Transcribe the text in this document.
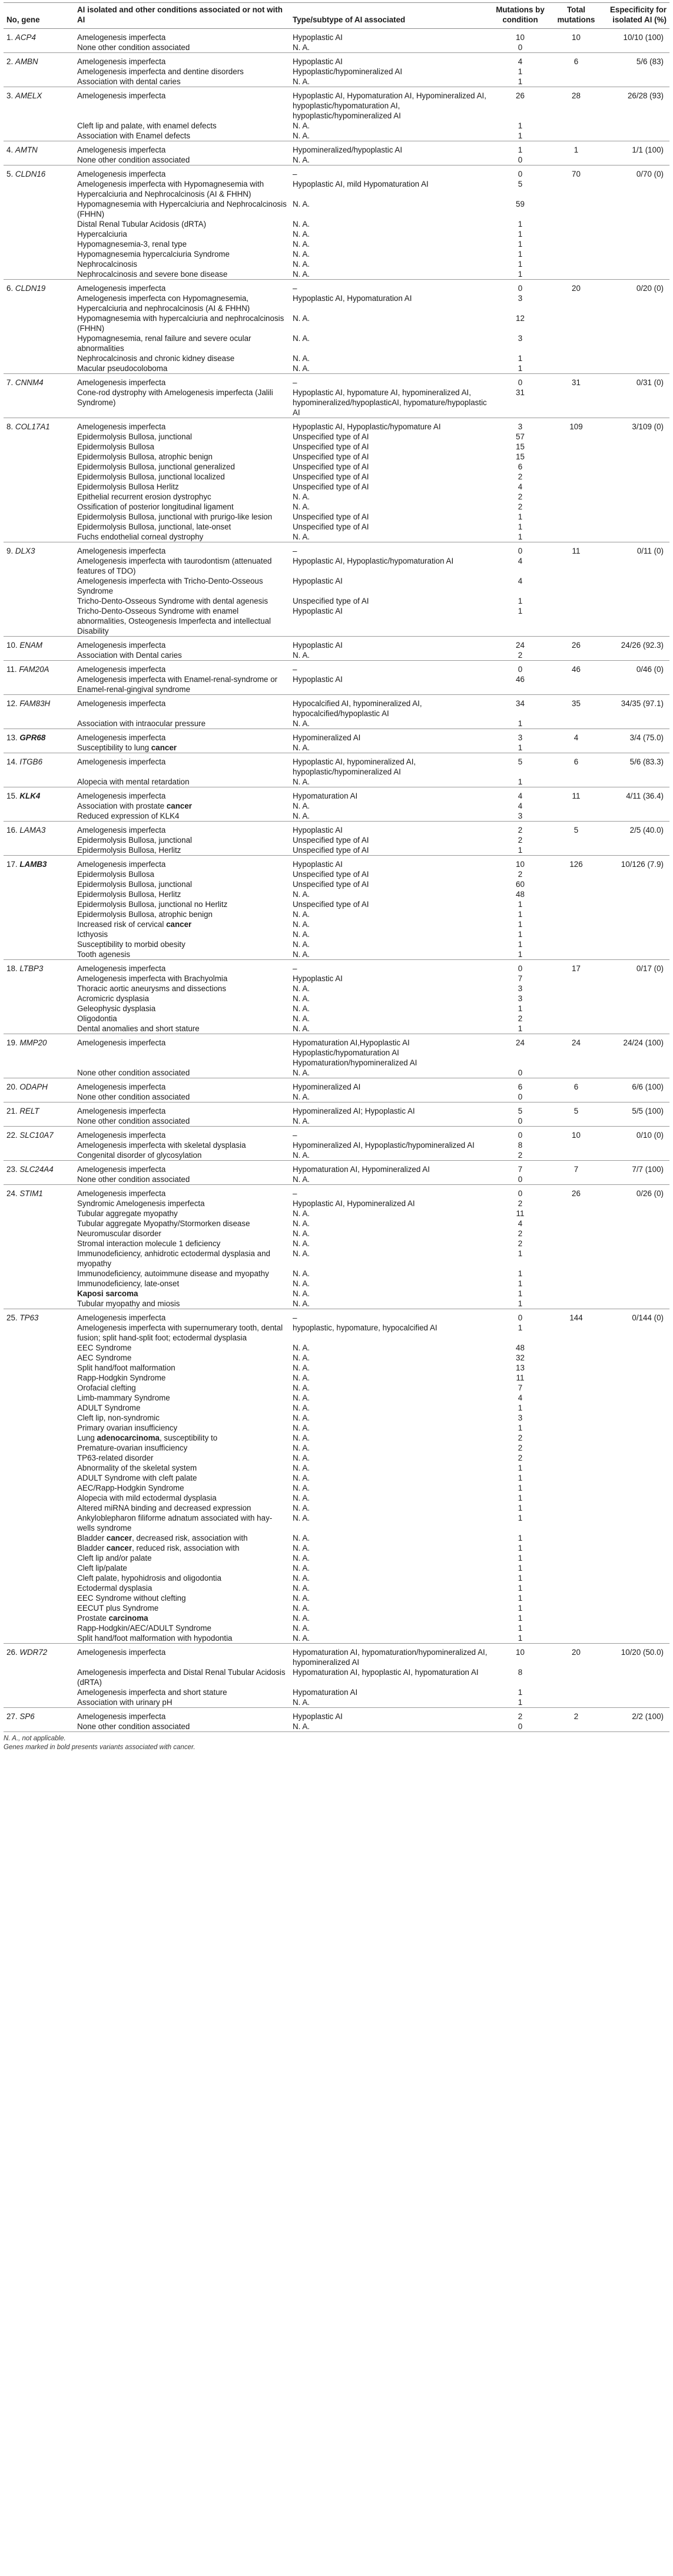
No, gene	AI isolated and other conditions associated or not with AI	Type/subtype of AI associated	Mutations by condition	Total mutations	Especificity for isolated AI (%)
1. ACP4	Amelogenesis imperfecta	Hypoplastic AI	10	10	10/10 (100)
	None other condition associated	N. A.	0		
2. AMBN	Amelogenesis imperfecta	Hypoplastic AI	4	6	5/6 (83)
	Amelogenesis imperfecta and dentine disorders	Hypoplastic/hypomineralized AI	1		
	Association with dental caries	N. A.	1		
3. AMELX	Amelogenesis imperfecta	Hypoplastic AI, Hypomaturation AI, Hypomineralized AI, hypoplastic/hypomaturation AI, hypoplastic/hypomineralized AI	26	28	26/28 (93)
	Cleft lip and palate, with enamel defects	N. A.	1		
	Association with Enamel defects	N. A.	1		
4. AMTN	Amelogenesis imperfecta	Hypomineralized/hypoplastic AI	1	1	1/1 (100)
	None other condition associated	N. A.	0		
5. CLDN16	Amelogenesis imperfecta	–	0	70	0/70 (0)
	Amelogenesis imperfecta with Hypomagnesemia with Hypercalciuria and Nephrocalcinosis (AI & FHHN)	Hypoplastic AI, mild Hypomaturation AI	5		
	Hypomagnesemia with Hypercalciuria and Nephrocalcinosis (FHHN)	N. A.	59		
	Distal Renal Tubular Acidosis (dRTA)	N. A.	1		
	Hypercalciuria	N. A.	1		
	Hypomagnesemia-3, renal type	N. A.	1		
	Hypomagnesemia hypercalciuria Syndrome	N. A.	1		
	Nephrocalcinosis	N. A.	1		
	Nephrocalcinosis and severe bone disease	N. A.	1		
6. CLDN19	Amelogenesis imperfecta	–	0	20	0/20 (0)
	Amelogenesis imperfecta con Hypomagnesemia, Hypercalciuria and nephrocalcinosis (AI & FHHN)	Hypoplastic AI, Hypomaturation AI	3		
	Hypomagnesemia with hypercalciuria and nephrocalcinosis (FHHN)	N. A.	12		
	Hypomagnesemia, renal failure and severe ocular abnormalities	N. A.	3		
	Nephrocalcinosis and chronic kidney disease	N. A.	1		
	Macular pseudocoloboma	N. A.	1		
7. CNNM4	Amelogenesis imperfecta	–	0	31	0/31 (0)
	Cone-rod dystrophy with Amelogenesis imperfecta (Jalili Syndrome)	Hypoplastic AI, hypomature AI, hypomineralized AI, hypomineralized/hypoplasticAI, hypomature/hypoplastic AI	31		
8. COL17A1	Amelogenesis imperfecta	Hypoplastic AI, Hypoplastic/hypomature AI	3	109	3/109 (0)
	Epidermolysis Bullosa, junctional	Unspecified type of AI	57		
	Epidermolysis Bullosa	Unspecified type of AI	15		
	Epidermolysis Bullosa, atrophic benign	Unspecified type of AI	15		
	Epidermolysis Bullosa, junctional generalized	Unspecified type of AI	6		
	Epidermolysis Bullosa, junctional localized	Unspecified type of AI	2		
	Epidermolysis Bullosa Herlitz	Unspecified type of AI	4		
	Epithelial recurrent erosion dystrophyc	N. A.	2		
	Ossification of posterior longitudinal ligament	N. A.	2		
	Epidermolysis Bullosa, junctional with prurigo-like lesion	Unspecified type of AI	1		
	Epidermolysis Bullosa, junctional, late-onset	Unspecified type of AI	1		
	Fuchs endothelial corneal dystrophy	N. A.	1		
9. DLX3	Amelogenesis imperfecta	–	0	11	0/11 (0)
	Amelogenesis imperfecta with taurodontism (attenuated features of TDO)	Hypoplastic AI, Hypoplastic/hypomaturation AI	4		
	Amelogenesis imperfecta with Tricho-Dento-Osseous Syndrome	Hypoplastic AI	4		
	Tricho-Dento-Osseous Syndrome with dental agenesis	Unspecified type of AI	1		
	Tricho-Dento-Osseous Syndrome with enamel abnormalities, Osteogenesis Imperfecta and intellectual Disability	Hypoplastic AI	1		
10. ENAM	Amelogenesis imperfecta	Hypoplastic AI	24	26	24/26 (92.3)
	Association with Dental caries	N. A.	2		
11. FAM20A	Amelogenesis imperfecta	–	0	46	0/46 (0)
	Amelogenesis imperfecta with Enamel-renal-syndrome or Enamel-renal-gingival syndrome	Hypoplastic AI	46		
12. FAM83H	Amelogenesis imperfecta	Hypocalcified AI, hypomineralized AI, hypocalcified/hypoplastic AI	34	35	34/35 (97.1)
	Association with intraocular pressure	N. A.	1		
13. GPR68	Amelogenesis imperfecta	Hypomineralized AI	3	4	3/4 (75.0)
	Susceptibility to lung cancer	N. A.	1		
14. ITGB6	Amelogenesis imperfecta	Hypoplastic AI, hypomineralized AI, hypoplastic/hypomineralized AI	5	6	5/6 (83.3)
	Alopecia with mental retardation	N. A.	1		
15. KLK4	Amelogenesis imperfecta	Hypomaturation AI	4	11	4/11 (36.4)
	Association with prostate cancer	N. A.	4		
	Reduced expression of KLK4	N. A.	3		
16. LAMA3	Amelogenesis imperfecta	Hypoplastic AI	2	5	2/5 (40.0)
	Epidermolysis Bullosa, junctional	Unspecified type of AI	2		
	Epidermolysis Bullosa, Herlitz	Unspecified type of AI	1		
17. LAMB3	Amelogenesis imperfecta	Hypoplastic AI	10	126	10/126 (7.9)
	Epidermolysis Bullosa	Unspecified type of AI	2		
	Epidermolysis Bullosa, junctional	Unspecified type of AI	60		
	Epidermolysis Bullosa, Herlitz	N. A.	48		
	Epidermolysis Bullosa, junctional no Herlitz	Unspecified type of AI	1		
	Epidermolysis Bullosa, atrophic benign	N. A.	1		
	Increased risk of cervical cancer	N. A.	1		
	Icthyosis	N. A.	1		
	Susceptibility to morbid obesity	N. A.	1		
	Tooth agenesis	N. A.	1		
18. LTBP3	Amelogenesis imperfecta	–	0	17	0/17 (0)
	Amelogenesis imperfecta with Brachyolmia	Hypoplastic AI	7		
	Thoracic aortic aneurysms and dissections	N. A.	3		
	Acromicric dysplasia	N. A.	3		
	Geleophysic dysplasia	N. A.	1		
	Oligodontia	N. A.	2		
	Dental anomalies and short stature	N. A.	1		
19. MMP20	Amelogenesis imperfecta	Hypomaturation AI,Hypoplastic AI Hypoplastic/hypomaturation AI Hypomaturation/hypomineralized AI	24	24	24/24 (100)
	None other condition associated	N. A.	0		
20. ODAPH	Amelogenesis imperfecta	Hypomineralized AI	6	6	6/6 (100)
	None other condition associated	N. A.	0		
21. RELT	Amelogenesis imperfecta	Hypomineralized AI; Hypoplastic AI	5	5	5/5 (100)
	None other condition associated	N. A.	0		
22. SLC10A7	Amelogenesis imperfecta	–	0	10	0/10 (0)
	Amelogenesis imperfecta with skeletal dysplasia	Hypomineralized AI, Hypoplastic/hypomineralized AI	8		
	Congenital disorder of glycosylation	N. A.	2		
23. SLC24A4	Amelogenesis imperfecta	Hypomaturation AI, Hypomineralized AI	7	7	7/7 (100)
	None other condition associated	N. A.	0		
24. STIM1	Amelogenesis imperfecta	–	0	26	0/26 (0)
	Syndromic Amelogenesis imperfecta	Hypoplastic AI, Hypomineralized AI	2		
	Tubular aggregate myopathy	N. A.	11		
	Tubular aggregate Myopathy/Stormorken disease	N. A.	4		
	Neuromuscular disorder	N. A.	2		
	Stromal interaction molecule 1 deficiency	N. A.	2		
	Immunodeficiency, anhidrotic ectodermal dysplasia and myopathy	N. A.	1		
	Immunodeficiency, autoimmune disease and myopathy	N. A.	1		
	Immunodeficiency, late-onset	N. A.	1		
	Kaposi sarcoma	N. A.	1		
	Tubular myopathy and miosis	N. A.	1		
25. TP63	Amelogenesis imperfecta	–	0	144	0/144 (0)
	Amelogenesis imperfecta with supernumerary tooth, dental fusion; split hand-split foot; ectodermal dysplasia	hypoplastic, hypomature, hypocalcified AI	1		
	EEC Syndrome	N. A.	48		
	AEC Syndrome	N. A.	32		
	Split hand/foot malformation	N. A.	13		
	Rapp-Hodgkin Syndrome	N. A.	11		
	Orofacial clefting	N. A.	7		
	Limb-mammary Syndrome	N. A.	4		
	ADULT Syndrome	N. A.	1		
	Cleft lip, non-syndromic	N. A.	3		
	Primary ovarian insufficiency	N. A.	1		
	Lung adenocarcinoma, susceptibility to	N. A.	2		
	Premature-ovarian insufficiency	N. A.	2		
	TP63-related disorder	N. A.	2		
	Abnormality of the skeletal system	N. A.	1		
	ADULT Syndrome with cleft palate	N. A.	1		
	AEC/Rapp-Hodgkin Syndrome	N. A.	1		
	Alopecia with mild ectodermal dysplasia	N. A.	1		
	Altered miRNA binding and decreased expression	N. A.	1		
	Ankyloblepharon filiforme adnatum associated with hay-wells syndrome	N. A.	1		
	Bladder cancer, decreased risk, association with	N. A.	1		
	Bladder cancer, reduced risk, association with	N. A.	1		
	Cleft lip and/or palate	N. A.	1		
	Cleft lip/palate	N. A.	1		
	Cleft palate, hypohidrosis and oligodontia	N. A.	1		
	Ectodermal dysplasia	N. A.	1		
	EEC Syndrome without clefting	N. A.	1		
	EECUT plus Syndrome	N. A.	1		
	Prostate carcinoma	N. A.	1		
	Rapp-Hodgkin/AEC/ADULT Syndrome	N. A.	1		
	Split hand/foot malformation with hypodontia	N. A.	1		
26. WDR72	Amelogenesis imperfecta	Hypomaturation AI, hypomaturation/hypomineralized AI, hypomineralized AI	10	20	10/20 (50.0)
	Amelogenesis imperfecta and Distal Renal Tubular Acidosis (dRTA)	Hypomaturation AI, hypoplastic AI, hypomaturation AI	8		
	Amelogenesis imperfecta and short stature	Hypomaturation AI	1		
	Association with urinary pH	N. A.	1		
27. SP6	Amelogenesis imperfecta	Hypoplastic AI	2	2	2/2 (100)
	None other condition associated	N. A.	0		
N. A., not applicable.
Genes marked in bold presents variants associated with cancer.
